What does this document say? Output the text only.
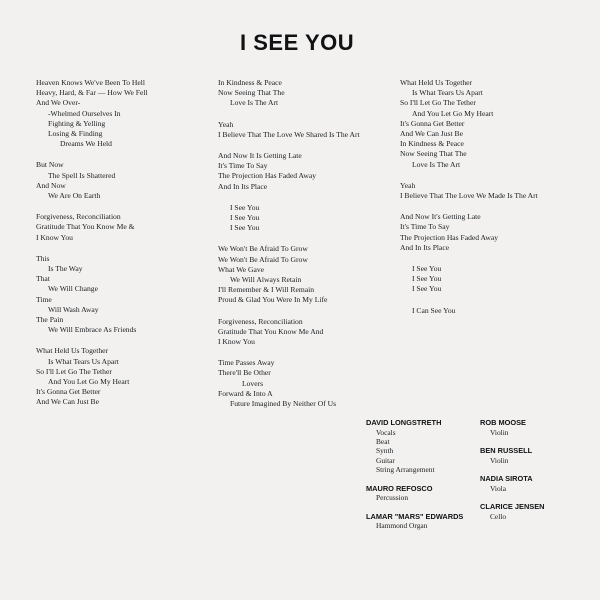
I SEE YOU
Heaven Knows We've Been To Hell
Heavy, Hard, & Far — How We Fell
And We Over-
-Whelmed Ourselves In
Fighting & Yelling
Losing & Finding
Dreams We Held
But Now
The Spell Is Shattered
And Now
We Are On Earth
Forgiveness, Reconciliation
Gratitude That You Know Me &
I Know You
This
Is The Way
That
We Will Change
Time
Will Wash Away
The Pain
We Will Embrace As Friends
What Held Us Together
Is What Tears Us Apart
So I'll Let Go The Tether
And You Let Go My Heart
It's Gonna Get Better
And We Can Just Be
In Kindness & Peace
Now Seeing That The
Love Is The Art
Yeah
I Believe That The Love We Shared Is The Art
And Now It Is Getting Late
It's Time To Say
The Projection Has Faded Away
And In Its Place
I See You
I See You
I See You
We Won't Be Afraid To Grow
We Won't Be Afraid To Grow
What We Gave
We Will Always Retain
I'll Remember & I Will Remain
Proud & Glad You Were In My Life
Forgiveness, Reconciliation
Gratitude That You Know Me And
I Know You
Time Passes Away
There'll Be Other
Lovers
Forward & Into A
Future Imagined By Neither Of Us
What Held Us Together
Is What Tears Us Apart
So I'll Let Go The Tether
And You Let Go My Heart
It's Gonna Get Better
And We Can Just Be
In Kindness & Peace
Now Seeing That The
Love Is The Art
Yeah
I Believe That The Love We Made Is The Art
And Now It's Getting Late
It's Time To Say
The Projection Has Faded Away
And In Its Place
I See You
I See You
I See You
I Can See You
DAVID LONGSTRETH
Vocals
Beat
Synth
Guitar
String Arrangement
MAURO REFOSCO
Percussion
LAMAR "MARS" EDWARDS
Hammond Organ
ROB MOOSE
Violin
BEN RUSSELL
Violin
NADIA SIROTA
Viola
CLARICE JENSEN
Cello
